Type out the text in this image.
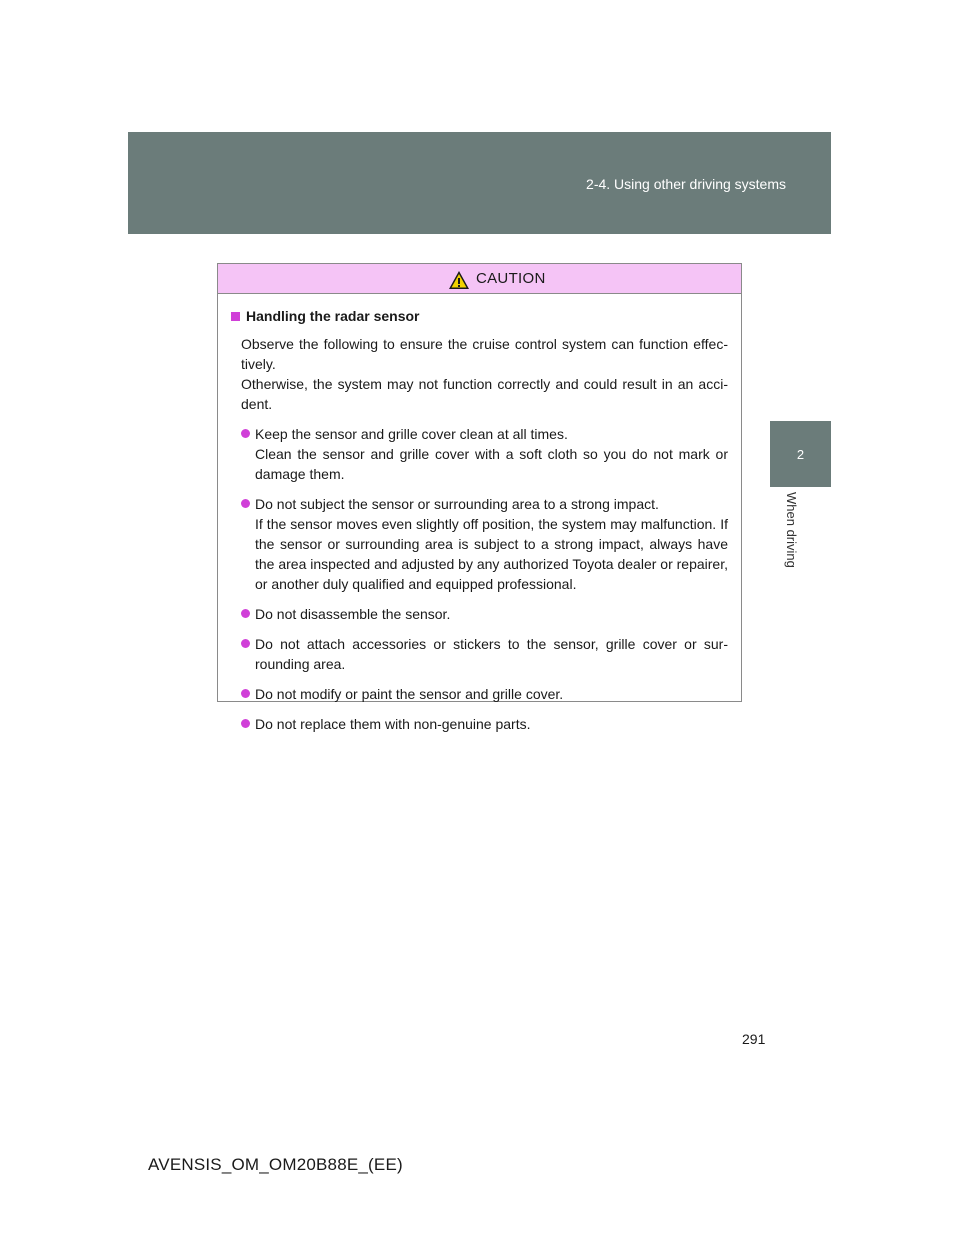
2-4. Using other driving systems
2
When driving
CAUTION
Handling the radar sensor
Observe the following to ensure the cruise control system can function effec-tively.
Otherwise, the system may not function correctly and could result in an acci-dent.
Keep the sensor and grille cover clean at all times.
Clean the sensor and grille cover with a soft cloth so you do not mark or damage them.
Do not subject the sensor or surrounding area to a strong impact.
If the sensor moves even slightly off position, the system may malfunction. If the sensor or surrounding area is subject to a strong impact, always have the area inspected and adjusted by any authorized Toyota dealer or repairer, or another duly qualified and equipped professional.
Do not disassemble the sensor.
Do not attach accessories or stickers to the sensor, grille cover or sur-rounding area.
Do not modify or paint the sensor and grille cover.
Do not replace them with non-genuine parts.
291
AVENSIS_OM_OM20B88E_(EE)
